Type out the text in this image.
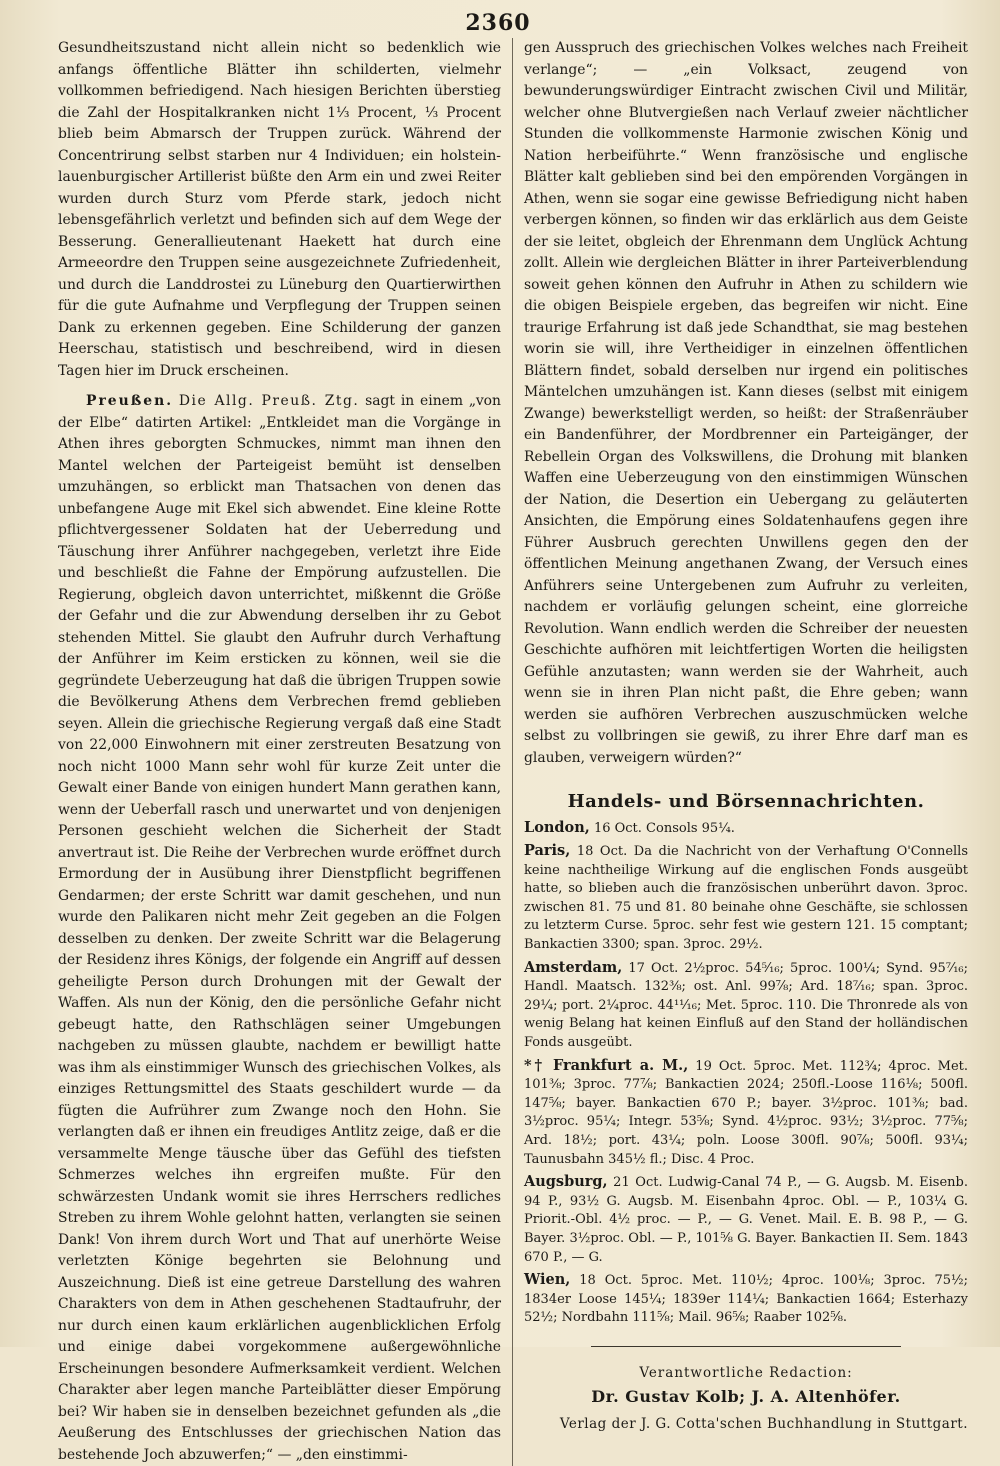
2360

Gesundheitszustand nicht allein nicht so bedenklich wie anfangs öffentliche Blätter ihn schilderten, vielmehr vollkommen befriedigend. Nach hiesigen Berichten überstieg die Zahl der Hospitalkranken nicht 1⅓ Procent, ⅓ Procent blieb beim Abmarsch der Truppen zurück. Während der Concentrirung selbst starben nur 4 Individuen; ein holstein-lauenburgischer Artillerist büßte den Arm ein und zwei Reiter wurden durch Sturz vom Pferde stark, jedoch nicht lebensgefährlich verletzt und befinden sich auf dem Wege der Besserung. Generallieutenant Haekett hat durch eine Armeeordre den Truppen seine ausgezeichnete Zufriedenheit, und durch die Landdrostei zu Lüneburg den Quartierwirthen für die gute Aufnahme und Verpflegung der Truppen seinen Dank zu erkennen gegeben. Eine Schilderung der ganzen Heerschau, statistisch und beschreibend, wird in diesen Tagen hier im Druck erscheinen.

Preußen. Die Allg. Preuß. Ztg. sagt in einem „von der Elbe“ datirten Artikel: „Entkleidet man die Vorgänge in Athen ihres geborgten Schmuckes, nimmt man ihnen den Mantel welchen der Parteigeist bemüht ist denselben umzuhängen, so erblickt man Thatsachen von denen das unbefangene Auge mit Ekel sich abwendet. Eine kleine Rotte pflichtvergessener Soldaten hat der Ueberredung und Täuschung ihrer Anführer nachgegeben, verletzt ihre Eide und beschließt die Fahne der Empörung aufzustellen. Die Regierung, obgleich davon unterrichtet, mißkennt die Größe der Gefahr und die zur Abwendung derselben ihr zu Gebot stehenden Mittel. Sie glaubt den Aufruhr durch Verhaftung der Anführer im Keim ersticken zu können, weil sie die gegründete Ueberzeugung hat daß die übrigen Truppen sowie die Bevölkerung Athens dem Verbrechen fremd geblieben seyen. Allein die griechische Regierung vergaß daß eine Stadt von 22,000 Einwohnern mit einer zerstreuten Besatzung von noch nicht 1000 Mann sehr wohl für kurze Zeit unter die Gewalt einer Bande von einigen hundert Mann gerathen kann, wenn der Ueberfall rasch und unerwartet und von denjenigen Personen geschieht welchen die Sicherheit der Stadt anvertraut ist. Die Reihe der Verbrechen wurde eröffnet durch Ermordung der in Ausübung ihrer Dienstpflicht begriffenen Gendarmen; der erste Schritt war damit geschehen, und nun wurde den Palikaren nicht mehr Zeit gegeben an die Folgen desselben zu denken. Der zweite Schritt war die Belagerung der Residenz ihres Königs, der folgende ein Angriff auf dessen geheiligte Person durch Drohungen mit der Gewalt der Waffen. Als nun der König, den die persönliche Gefahr nicht gebeugt hatte, den Rathschlägen seiner Umgebungen nachgeben zu müssen glaubte, nachdem er bewilligt hatte was ihm als einstimmiger Wunsch des griechischen Volkes, als einziges Rettungsmittel des Staats geschildert wurde — da fügten die Aufrührer zum Zwange noch den Hohn. Sie verlangten daß er ihnen ein freudiges Antlitz zeige, daß er die versammelte Menge täusche über das Gefühl des tiefsten Schmerzes welches ihn ergreifen mußte. Für den schwärzesten Undank womit sie ihres Herrschers redliches Streben zu ihrem Wohle gelohnt hatten, verlangten sie seinen Dank! Von ihrem durch Wort und That auf unerhörte Weise verletzten Könige begehrten sie Belohnung und Auszeichnung. Dieß ist eine getreue Darstellung des wahren Charakters von dem in Athen geschehenen Stadtaufruhr, der nur durch einen kaum erklärlichen augenblicklichen Erfolg und einige dabei vorgekommene außergewöhnliche Erscheinungen besondere Aufmerksamkeit verdient. Welchen Charakter aber legen manche Parteiblätter dieser Empörung bei? Wir haben sie in denselben bezeichnet gefunden als „die Aeußerung des Entschlusses der griechischen Nation das bestehende Joch abzuwerfen;“ — „den einstimmi-

gen Ausspruch des griechischen Volkes welches nach Freiheit verlange“; — „ein Volksact, zeugend von bewunderungswürdiger Eintracht zwischen Civil und Militär, welcher ohne Blutvergießen nach Verlauf zweier nächtlicher Stunden die vollkommenste Harmonie zwischen König und Nation herbeiführte.“ Wenn französische und englische Blätter kalt geblieben sind bei den empörenden Vorgängen in Athen, wenn sie sogar eine gewisse Befriedigung nicht haben verbergen können, so finden wir das erklärlich aus dem Geiste der sie leitet, obgleich der Ehrenmann dem Unglück Achtung zollt. Allein wie dergleichen Blätter in ihrer Parteiverblendung soweit gehen können den Aufruhr in Athen zu schildern wie die obigen Beispiele ergeben, das begreifen wir nicht. Eine traurige Erfahrung ist daß jede Schandthat, sie mag bestehen worin sie will, ihre Vertheidiger in einzelnen öffentlichen Blättern findet, sobald derselben nur irgend ein politisches Mäntelchen umzuhängen ist. Kann dieses (selbst mit einigem Zwange) bewerkstelligt werden, so heißt: der Straßenräuber ein Bandenführer, der Mordbrenner ein Parteigänger, der Rebellein Organ des Volkswillens, die Drohung mit blanken Waffen eine Ueberzeugung von den einstimmigen Wünschen der Nation, die Desertion ein Uebergang zu geläuterten Ansichten, die Empörung eines Soldatenhaufens gegen ihre Führer Ausbruch gerechten Unwillens gegen den der öffentlichen Meinung angethanen Zwang, der Versuch eines Anführers seine Untergebenen zum Aufruhr zu verleiten, nachdem er vorläufig gelungen scheint, eine glorreiche Revolution. Wann endlich werden die Schreiber der neuesten Geschichte aufhören mit leichtfertigen Worten die heiligsten Gefühle anzutasten; wann werden sie der Wahrheit, auch wenn sie in ihren Plan nicht paßt, die Ehre geben; wann werden sie aufhören Verbrechen auszuschmücken welche selbst zu vollbringen sie gewiß, zu ihrer Ehre darf man es glauben, verweigern würden?“

Handels- und Börsennachrichten.

London, 16 Oct. Consols 95¼.

Paris, 18 Oct. Da die Nachricht von der Verhaftung O'Connells keine nachtheilige Wirkung auf die englischen Fonds ausgeübt hatte, so blieben auch die französischen unberührt davon. 3proc. zwischen 81. 75 und 81. 80 beinahe ohne Geschäfte, sie schlossen zu letzterm Curse. 5proc. sehr fest wie gestern 121. 15 comptant; Bankactien 3300; span. 3proc. 29½.

Amsterdam, 17 Oct. 2½proc. 54⁵⁄₁₆; 5proc. 100¼; Synd. 95⁷⁄₁₆; Handl. Maatsch. 132⅜; ost. Anl. 99⅞; Ard. 18⁷⁄₁₆; span. 3proc. 29¼; port. 2¼proc. 44¹¹⁄₁₆; Met. 5proc. 110. Die Thronrede als von wenig Belang hat keinen Einfluß auf den Stand der holländischen Fonds ausgeübt.

*† Frankfurt a. M., 19 Oct. 5proc. Met. 112¾; 4proc. Met. 101⅜; 3proc. 77⅞; Bankactien 2024; 250fl.-Loose 116⅛; 500fl. 147⅝; bayer. Bankactien 670 P.; bayer. 3½proc. 101⅜; bad. 3½proc. 95¼; Integr. 53⅝; Synd. 4½proc. 93½; 3½proc. 77⅝; Ard. 18½; port. 43¼; poln. Loose 300fl. 90⅞; 500fl. 93¼; Taunusbahn 345½ fl.; Disc. 4 Proc.

Augsburg, 21 Oct. Ludwig-Canal 74 P., — G. Augsb. M. Eisenb. 94 P., 93½ G. Augsb. M. Eisenbahn 4proc. Obl. — P., 103¼ G. Priorit.-Obl. 4½ proc. — P., — G. Venet. Mail. E. B. 98 P., — G. Bayer. 3½proc. Obl. — P., 101⅝ G. Bayer. Bankactien II. Sem. 1843 670 P., — G.

Wien, 18 Oct. 5proc. Met. 110½; 4proc. 100⅛; 3proc. 75½; 1834er Loose 145¼; 1839er 114¼; Bankactien 1664; Esterhazy 52½; Nordbahn 111⅝; Mail. 96⅝; Raaber 102⅝.

Verantwortliche Redaction:
Dr. Gustav Kolb; J. A. Altenhöfer.
Verlag der J. G. Cotta'schen Buchhandlung in Stuttgart.
